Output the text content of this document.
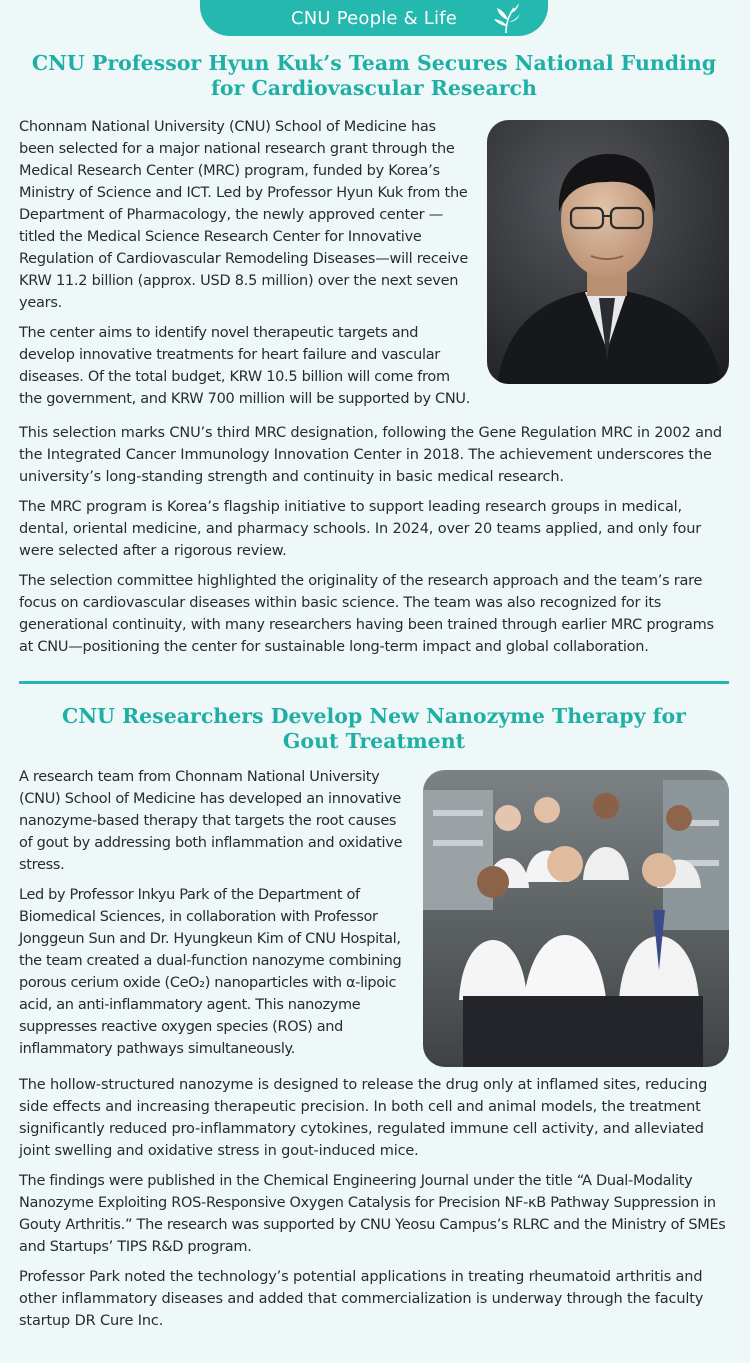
CNU People & Life
CNU Professor Hyun Kuk’s Team Secures National Funding for Cardiovascular Research

Chonnam National University (CNU) School of Medicine has been selected for a major national research grant through the Medical Research Center (MRC) program, funded by Korea’s Ministry of Science and ICT. Led by Professor Hyun Kuk from the Department of Pharmacology, the newly approved center —titled the Medical Science Research Center for Innovative Regulation of Cardiovascular Remodeling Diseases—will receive KRW 11.2 billion (approx. USD 8.5 million) over the next seven years.

The center aims to identify novel therapeutic targets and develop innovative treatments for heart failure and vascular diseases. Of the total budget, KRW 10.5 billion will come from the government, and KRW 700 million will be supported by CNU.

This selection marks CNU’s third MRC designation, following the Gene Regulation MRC in 2002 and the Integrated Cancer Immunology Innovation Center in 2018. The achievement underscores the university’s long-standing strength and continuity in basic medical research.

The MRC program is Korea’s flagship initiative to support leading research groups in medical, dental, oriental medicine, and pharmacy schools. In 2024, over 20 teams applied, and only four were selected after a rigorous review.

The selection committee highlighted the originality of the research approach and the team’s rare focus on cardiovascular diseases within basic science. The team was also recognized for its generational continuity, with many researchers having been trained through earlier MRC programs at CNU—positioning the center for sustainable long-term impact and global collaboration.

CNU Researchers Develop New Nanozyme Therapy for Gout Treatment

A research team from Chonnam National University (CNU) School of Medicine has developed an innovative nanozyme-based therapy that targets the root causes of gout by addressing both inflammation and oxidative stress.

Led by Professor Inkyu Park of the Department of Biomedical Sciences, in collaboration with Professor Jonggeun Sun and Dr. Hyungkeun Kim of CNU Hospital, the team created a dual-function nanozyme combining porous cerium oxide (CeO₂) nanoparticles with α-lipoic acid, an anti-inflammatory agent. This nanozyme suppresses reactive oxygen species (ROS) and inflammatory pathways simultaneously.

The hollow-structured nanozyme is designed to release the drug only at inflamed sites, reducing side effects and increasing therapeutic precision. In both cell and animal models, the treatment significantly reduced pro-inflammatory cytokines, regulated immune cell activity, and alleviated joint swelling and oxidative stress in gout-induced mice.

The findings were published in the Chemical Engineering Journal under the title “A Dual-Modality Nanozyme Exploiting ROS-Responsive Oxygen Catalysis for Precision NF-κB Pathway Suppression in Gouty Arthritis.” The research was supported by CNU Yeosu Campus’s RLRC and the Ministry of SMEs and Startups’ TIPS R&D program.

Professor Park noted the technology’s potential applications in treating rheumatoid arthritis and other inflammatory diseases and added that commercialization is underway through the faculty startup DR Cure Inc.
